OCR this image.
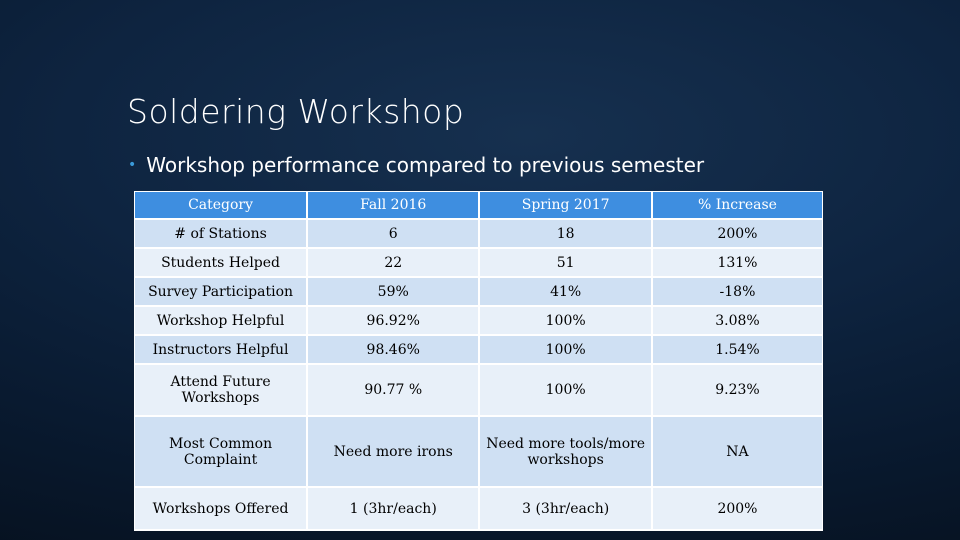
Soldering Workshop
• Workshop performance compared to previous semester
Category	Fall 2016	Spring 2017	% Increase
# of Stations	6	18	200%
Students Helped	22	51	131%
Survey Participation	59%	41%	-18%
Workshop Helpful	96.92%	100%	3.08%
Instructors Helpful	98.46%	100%	1.54%
Attend Future Workshops	90.77 %	100%	9.23%
Most Common Complaint	Need more irons	Need more tools/more workshops	NA
Workshops Offered	1 (3hr/each)	3 (3hr/each)	200%
